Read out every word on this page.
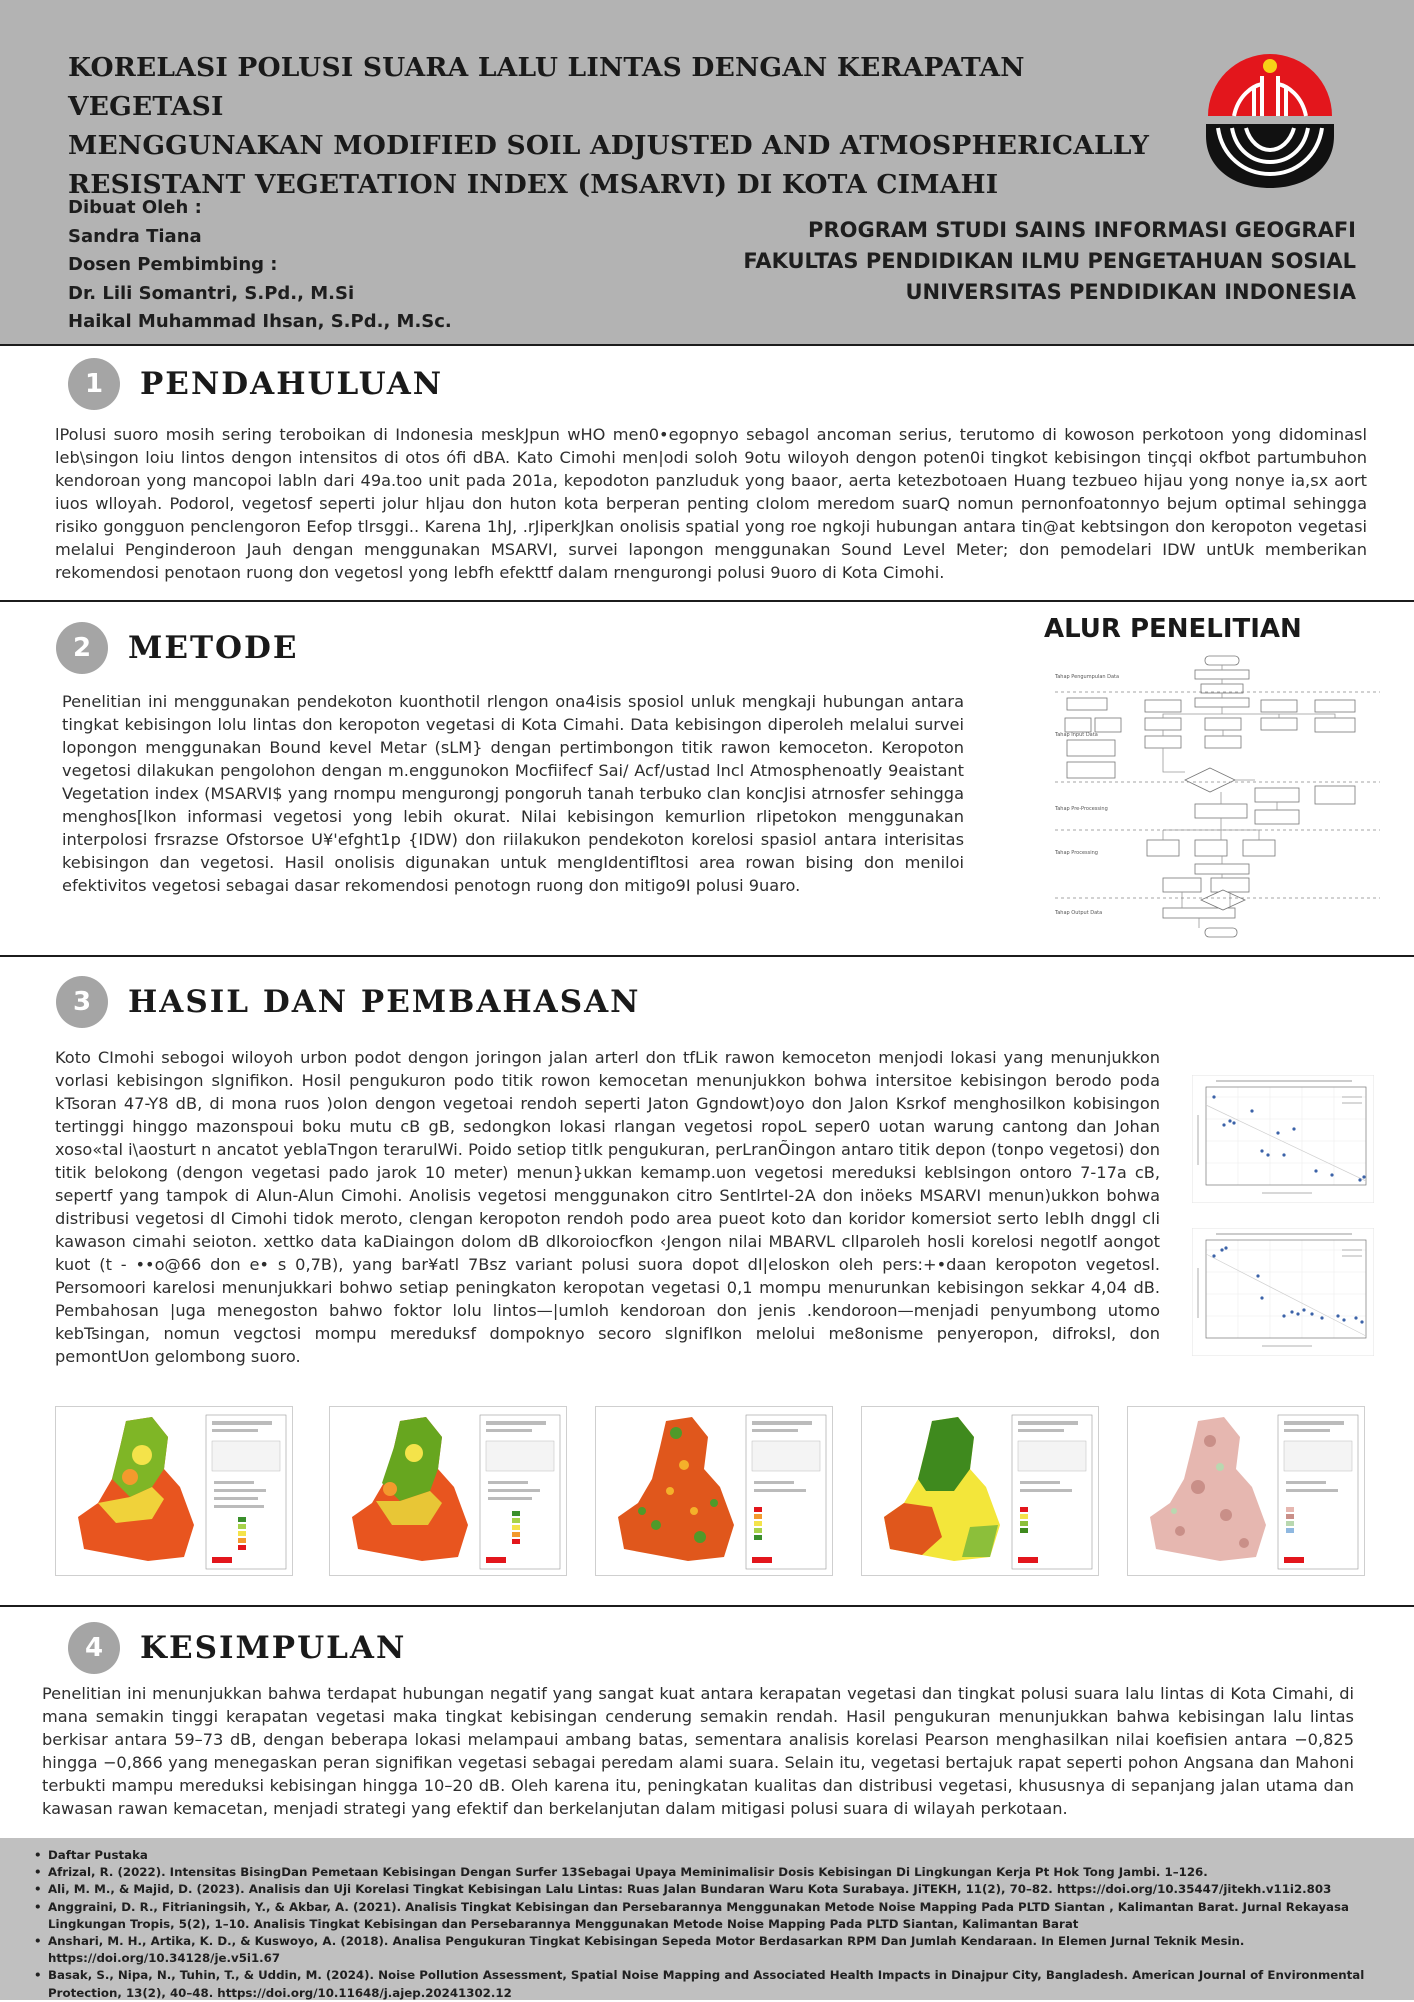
KORELASI POLUSI SUARA LALU LINTAS DENGAN KERAPATAN VEGETASI
MENGGUNAKAN MODIFIED SOIL ADJUSTED AND ATMOSPHERICALLY
RESISTANT VEGETATION INDEX (MSARVI) DI KOTA CIMAHI
Dibuat Oleh :
Sandra Tiana
Dosen Pembimbing :
Dr. Lili Somantri, S.Pd., M.Si
Haikal Muhammad Ihsan, S.Pd., M.Sc.
PROGRAM STUDI SAINS INFORMASI GEOGRAFI
FAKULTAS PENDIDIKAN ILMU PENGETAHUAN SOSIAL
UNIVERSITAS PENDIDIKAN INDONESIA
1	PENDAHULUAN
lPolusi suoro mosih sering teroboikan di Indonesia meskJpun wHO men0•egopnyo sebagol ancoman serius, terutomo di kowoson perkotoon yong didominasl leb\singon loiu lintos dengon intensitos di otos ófi dBA. Kato Cimohi men|odi soloh 9otu wiloyoh dengon poten0i tingkot kebisingon tinçqi okfbot partumbuhon kendoroan yong mancopoi labln dari 49a.too unit pada 201a, kepodoton panzluduk yong baaor, aerta ketezbotoaen Huang tezbueo hijau yong nonye ia,sx aort iuos wlloyah. Podorol, vegetosf seperti jolur hljau don huton kota berperan penting cIolom meredom suarQ nomun pernonfoatonnyo bejum optimal sehingga risiko gongguon penclengoron Eefop tlrsggi.. Karena 1hJ, .rJiperkJkan onolisis spatial yong roe ngkoji hubungan antara tin@at kebtsingon don keropoton vegetasi melalui Penginderoon Jauh dengan menggunakan MSARVI, survei lapongon menggunakan Sound Level Meter; don pemodelari IDW untUk memberikan rekomendosi penotaon ruong don vegetosl yong lebfh efekttf dalam rnengurongi polusi 9uoro di Kota Cimohi.
2	METODE
Penelitian ini menggunakan pendekoton kuonthotil rlengon ona4isis sposiol unluk mengkaji hubungan antara tingkat kebisingon lolu lintas don keropoton vegetasi di Kota Cimahi. Data kebisingon diperoleh melalui survei lopongon menggunakan Bound kevel Metar (sLM} dengan pertimbongon titik rawon kemoceton. Keropoton vegetosi dilakukan pengolohon dengan m.enggunokon Mocfiifecf Sai/ Acf/ustad lncl Atmosphenoatly 9eaistant Vegetation index (MSARVI$ yang rnompu mengurongj pongoruh tanah terbuko clan koncJisi atrnosfer sehingga menghos[lkon informasi vegetosi yong lebih okurat. Nilai kebisingon kemurlion rlipetokon menggunakan interpolosi frsrazse Ofstorsoe U¥'efght1p {IDW) don riilakukon pendekoton korelosi spasiol antara interisitas kebisingon dan vegetosi. Hasil onolisis digunakan untuk mengIdentifltosi area rowan bising don meniloi efektivitos vegetosi sebagai dasar rekomendosi penotogn ruong don mitigo9I polusi 9uaro.
ALUR PENELITIAN
Tahap Pengumpulan Data
Tahap Input Data
Tahap Pre-Processing
Tahap Processing
Tahap Output Data
3	HASIL DAN PEMBAHASAN
Koto CImohi sebogoi wiloyoh urbon podot dengon joringon jalan arterl don tfLik rawon kemoceton menjodi lokasi yang menunjukkon vorlasi kebisingon slgnifikon. Hosil pengukuron podo titik rowon kemocetan menunjukkon bohwa intersitoe kebisingon berodo poda kTsoran 47-Y8 dB, di mona ruos )oIon dengon vegetoai rendoh seperti Jaton Ggndowt)oyo don Jalon Ksrkof menghosilkon kobisingon tertinggi hinggo mazonspoui boku mutu cB gB, sedongkon lokasi rlangan vegetosi ropoL seper0 uotan warung cantong dan Johan xoso«tal i\aosturt n ancatot yeblaTngon terarulWi. Poido setiop titlk pengukuran, perLranÕingon antaro titik depon (tonpo vegetosi) don titik belokong (dengon vegetasi pado jarok 10 meter) menun}ukkan kemamp.uon vegetosi mereduksi keblsingon ontoro 7-17a cB, sepertf yang tampok di Alun-Alun Cimohi. Anolisis vegetosi menggunakon citro SentlrteI-2A don inöeks MSARVI menun)ukkon bohwa distribusi vegetosi dl Cimohi tidok meroto, clengan keropoton rendoh podo area pueot koto dan koridor komersiot serto lebIh dnggl cli kawason cimahi seioton. xettko data kaDiaingon dolom dB dlkoroiocfkon ‹Jengon nilai MBARVL cllparoleh hosli korelosi negotlf aongot kuot (t - ••o@66 don e• s 0,7B), yang bar¥atl 7Bsz variant polusi suora dopot dI|eloskon oleh pers:+•daan keropoton vegetosl. Persomoori karelosi menunjukkari bohwo setiap peningkaton keropotan vegetasi 0,1 mompu menurunkan kebisingon sekkar 4,04 dB. Pembahosan |uga menegoston bahwo foktor lolu lintos—|umloh kendoroan don jenis .kendoroon—menjadi penyumbong utomo kebTsingan, nomun vegctosi mompu mereduksf dompoknyo secoro slgnifIkon melolui me8onisme penyeropon, difroksl, don pemontUon gelombong suoro.
4	KESIMPULAN
Penelitian ini menunjukkan bahwa terdapat hubungan negatif yang sangat kuat antara kerapatan vegetasi dan tingkat polusi suara lalu lintas di Kota Cimahi, di mana semakin tinggi kerapatan vegetasi maka tingkat kebisingan cenderung semakin rendah. Hasil pengukuran menunjukkan bahwa kebisingan lalu lintas berkisar antara 59–73 dB, dengan beberapa lokasi melampaui ambang batas, sementara analisis korelasi Pearson menghasilkan nilai koefisien antara −0,825 hingga −0,866 yang menegaskan peran signifikan vegetasi sebagai peredam alami suara. Selain itu, vegetasi bertajuk rapat seperti pohon Angsana dan Mahoni terbukti mampu mereduksi kebisingan hingga 10–20 dB. Oleh karena itu, peningkatan kualitas dan distribusi vegetasi, khususnya di sepanjang jalan utama dan kawasan rawan kemacetan, menjadi strategi yang efektif dan berkelanjutan dalam mitigasi polusi suara di wilayah perkotaan.
• Daftar Pustaka
• Afrizal, R. (2022). Intensitas BisingDan Pemetaan Kebisingan Dengan Surfer 13Sebagai Upaya Meminimalisir Dosis Kebisingan Di Lingkungan Kerja Pt Hok Tong Jambi. 1–126.
• Ali, M. M., & Majid, D. (2023). Analisis dan Uji Korelasi Tingkat Kebisingan Lalu Lintas: Ruas Jalan Bundaran Waru Kota Surabaya. JiTEKH, 11(2), 70–82. https://doi.org/10.35447/jitekh.v11i2.803
• Anggraini, D. R., Fitrianingsih, Y., & Akbar, A. (2021). Analisis Tingkat Kebisingan dan Persebarannya Menggunakan Metode Noise Mapping Pada PLTD Siantan , Kalimantan Barat. Jurnal Rekayasa Lingkungan Tropis, 5(2), 1–10. Analisis Tingkat Kebisingan dan Persebarannya Menggunakan Metode Noise Mapping Pada PLTD Siantan, Kalimantan Barat
• Anshari, M. H., Artika, K. D., & Kuswoyo, A. (2018). Analisa Pengukuran Tingkat Kebisingan Sepeda Motor Berdasarkan RPM Dan Jumlah Kendaraan. In Elemen Jurnal Teknik Mesin. https://doi.org/10.34128/je.v5i1.67
• Basak, S., Nipa, N., Tuhin, T., & Uddin, M. (2024). Noise Pollution Assessment, Spatial Noise Mapping and Associated Health Impacts in Dinajpur City, Bangladesh. American Journal of Environmental Protection, 13(2), 40–48. https://doi.org/10.11648/j.ajep.20241302.12
